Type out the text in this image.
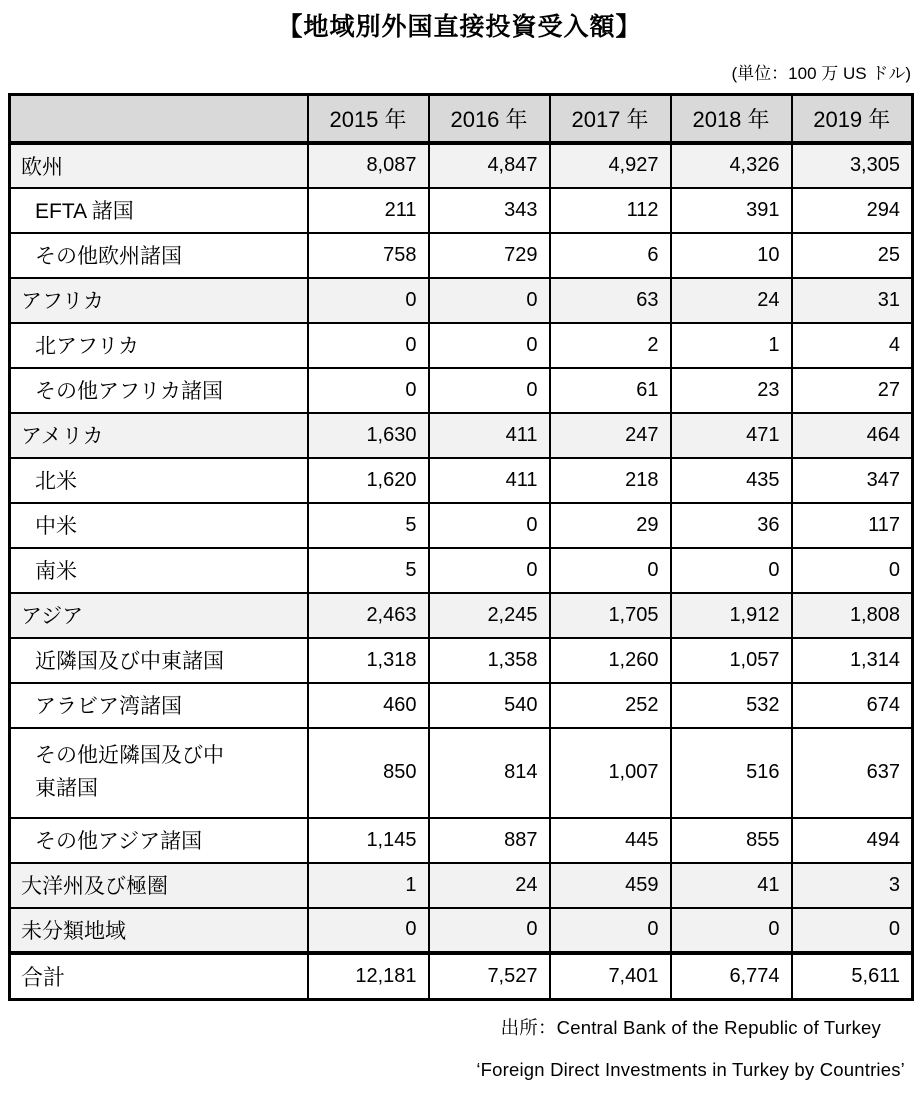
【地域別外国直接投資受入額】
(単位：100 万 US ドル)
	2015 年	2016 年	2017 年	2018 年	2019 年
欧州	8,087	4,847	4,927	4,326	3,305
EFTA 諸国	211	343	112	391	294
その他欧州諸国	758	729	6	10	25
アフリカ	0	0	63	24	31
北アフリカ	0	0	2	1	4
その他アフリカ諸国	0	0	61	23	27
アメリカ	1,630	411	247	471	464
北米	1,620	411	218	435	347
中米	5	0	29	36	117
南米	5	0	0	0	0
アジア	2,463	2,245	1,705	1,912	1,808
近隣国及び中東諸国	1,318	1,358	1,260	1,057	1,314
アラビア湾諸国	460	540	252	532	674
その他近隣国及び中東諸国	850	814	1,007	516	637
その他アジア諸国	1,145	887	445	855	494
大洋州及び極圏	1	24	459	41	3
未分類地域	0	0	0	0	0
合計	12,181	7,527	7,401	6,774	5,611
出所：Central Bank of the Republic of Turkey
‘Foreign Direct Investments in Turkey by Countries’
